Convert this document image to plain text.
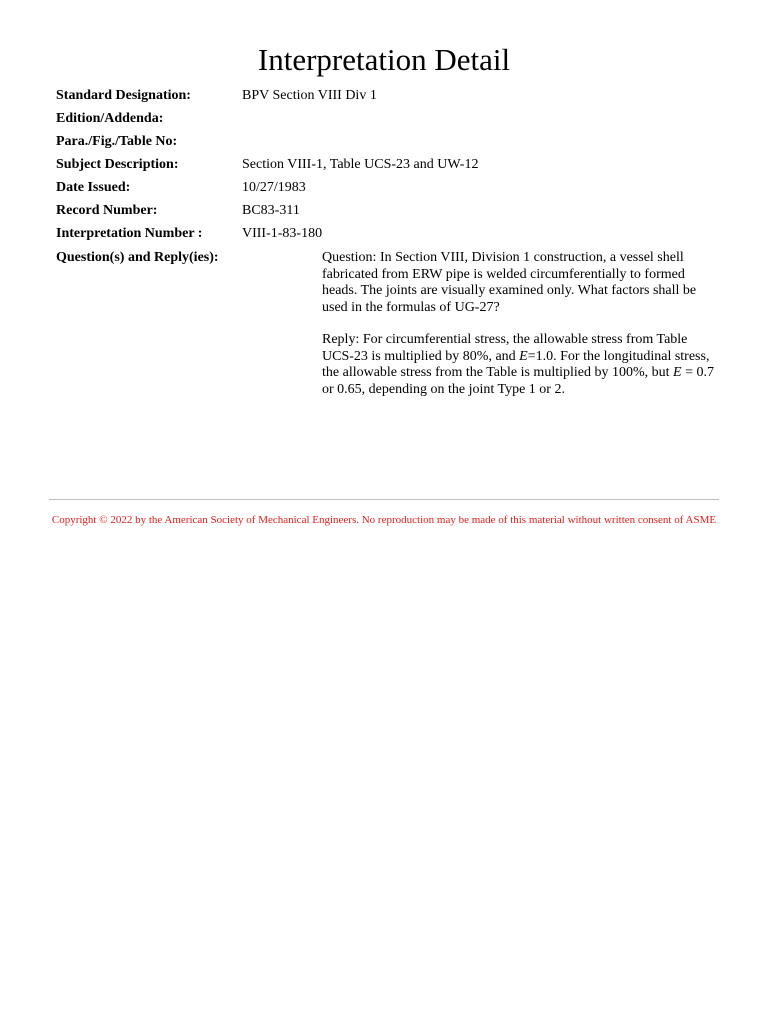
Interpretation Detail
Standard Designation:	BPV Section VIII Div 1
Edition/Addenda:
Para./Fig./Table No:
Subject Description:	Section VIII-1, Table UCS-23 and UW-12
Date Issued:	10/27/1983
Record Number:	BC83-311
Interpretation Number :	VIII-1-83-180
Question(s) and Reply(ies):	Question: In Section VIII, Division 1 construction, a vessel shell fabricated from ERW pipe is welded circumferentially to formed heads. The joints are visually examined only. What factors shall be used in the formulas of UG-27?

Reply: For circumferential stress, the allowable stress from Table UCS-23 is multiplied by 80%, and E=1.0. For the longitudinal stress, the allowable stress from the Table is multiplied by 100%, but E = 0.7 or 0.65, depending on the joint Type 1 or 2.

Copyright © 2022 by the American Society of Mechanical Engineers. No reproduction may be made of this material without written consent of ASME
